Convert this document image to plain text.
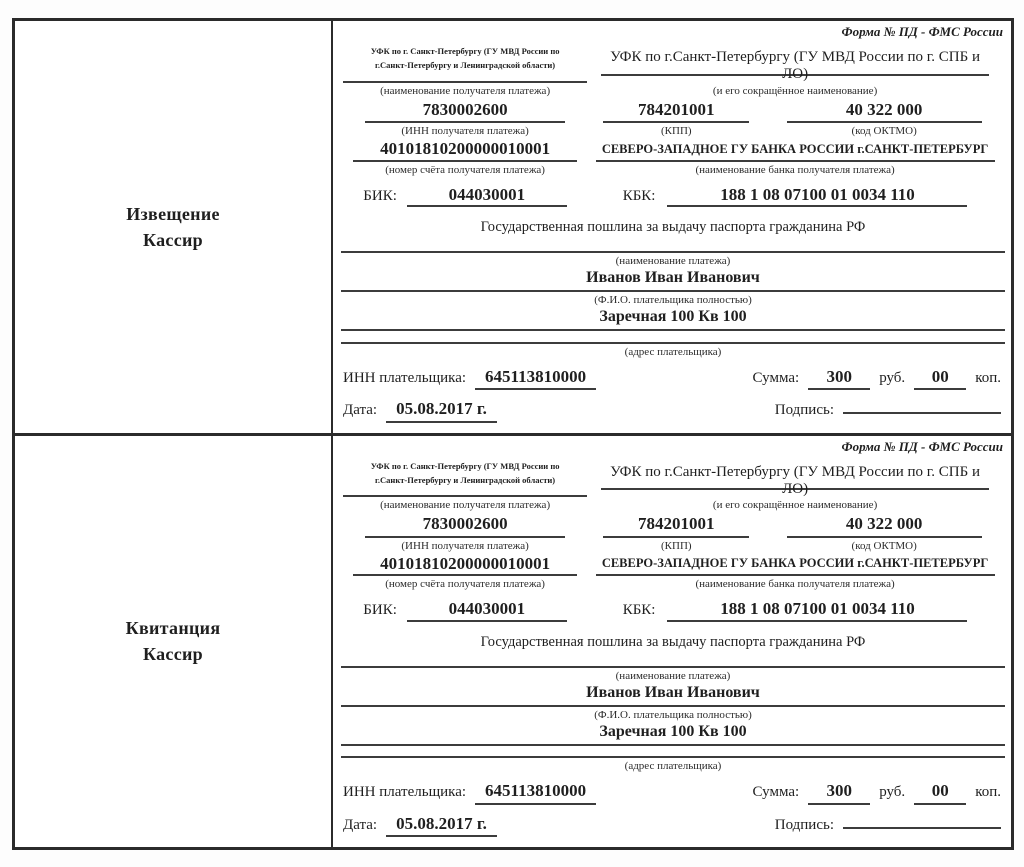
Извещение
Кассир
Форма № ПД - ФМС России
УФК по г. Санкт-Петербургу (ГУ МВД России по
г.Санкт-Петербургу и Ленинградской области)
(наименование получателя платежа)
УФК по г.Санкт-Петербургу (ГУ МВД России по г. СПБ и ЛО)
(и его сокращённое наименование)
7830002600
(ИНН получателя платежа)
784201001
(КПП)
40 322 000
(код ОКТМО)
40101810200000010001
(номер счёта получателя платежа)
СЕВЕРО-ЗАПАДНОЕ ГУ БАНКА РОССИИ г.САНКТ-ПЕТЕРБУРГ
(наименование банка получателя платежа)
БИК:	044030001	КБК:	188 1 08 07100 01 0034 110
Государственная пошлина за выдачу паспорта гражданина РФ
(наименование платежа)
Иванов Иван Иванович
(Ф.И.О. плательщика полностью)
Заречная 100 Кв 100
(адрес плательщика)
ИНН плательщика:	645113810000	Сумма:	300	руб.	00	коп.
Дата:	05.08.2017 г.	Подпись:
Квитанция
Кассир
Форма № ПД - ФМС России
УФК по г. Санкт-Петербургу (ГУ МВД России по
г.Санкт-Петербургу и Ленинградской области)
(наименование получателя платежа)
УФК по г.Санкт-Петербургу (ГУ МВД России по г. СПБ и ЛО)
(и его сокращённое наименование)
7830002600
(ИНН получателя платежа)
784201001
(КПП)
40 322 000
(код ОКТМО)
40101810200000010001
(номер счёта получателя платежа)
СЕВЕРО-ЗАПАДНОЕ ГУ БАНКА РОССИИ г.САНКТ-ПЕТЕРБУРГ
(наименование банка получателя платежа)
БИК:	044030001	КБК:	188 1 08 07100 01 0034 110
Государственная пошлина за выдачу паспорта гражданина РФ
(наименование платежа)
Иванов Иван Иванович
(Ф.И.О. плательщика полностью)
Заречная 100 Кв 100
(адрес плательщика)
ИНН плательщика:	645113810000	Сумма:	300	руб.	00	коп.
Дата:	05.08.2017 г.	Подпись:
